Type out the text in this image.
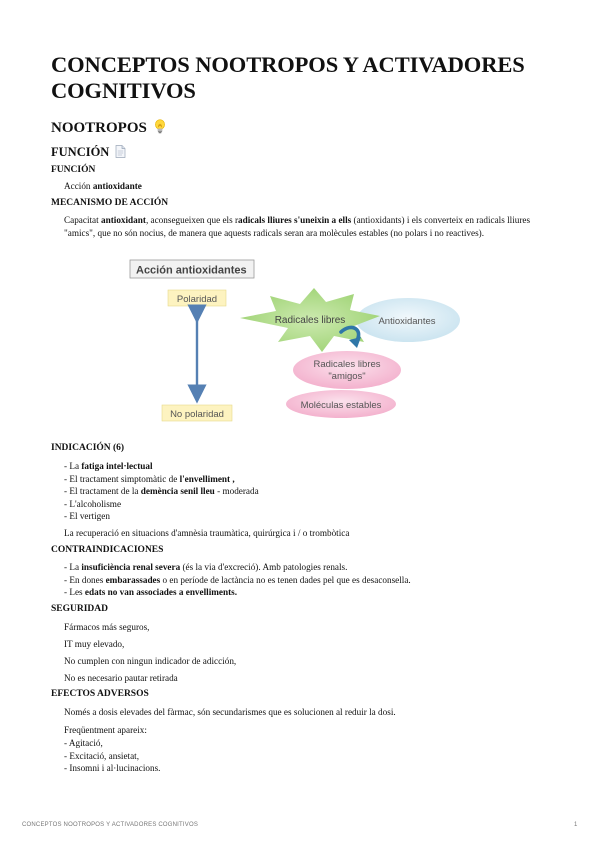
CONCEPTOS NOOTROPOS Y ACTIVADORES COGNITIVOS
NOOTROPOS
FUNCIÓN
FUNCIÓN

Acción antioxidante

MECANISMO DE ACCIÓN

Capacitat antioxidant, aconsegueixen que els radicals lliures s'uneixin a ells (antioxidants) i els converteix en radicals lliures "amics", que no són nocius, de manera que aquests radicals seran ara molècules estables (no polars i no reactives).

Acción antioxidantes
Polaridad
No polaridad
Antioxidantes
Radicales libres
Radicales libres
"amigos"
Moléculas estables
INDICACIÓN (6)
- La fatiga intel·lectual
- El tractament simptomàtic de l'envelliment ,
- El tractament de la demència senil lleu - moderada
- L'alcoholisme
- El vertigen

La recuperació en situacions d'amnèsia traumàtica, quirúrgica i / o trombòtica

CONTRAINDICACIONES
- La insuficiència renal severa (és la via d'excreció). Amb patologies renals.
- En dones embarassades o en període de lactància no es tenen dades pel que es desaconsella.
- Les edats no van associades a envelliments.
SEGURIDAD

Fármacos más seguros,

IT muy elevado,

No cumplen con ningun indicador de adicción,

No es necesario pautar retirada

EFECTOS ADVERSOS

Només a dosis elevades del fàrmac, són secundarismes que es solucionen al reduir la dosi.

Freqüentment apareix:

- Agitació,
- Excitació, ansietat,
- Insomni i al·lucinacions.
CONCEPTOS NOOTROPOS Y ACTIVADORES COGNITIVOS	1
